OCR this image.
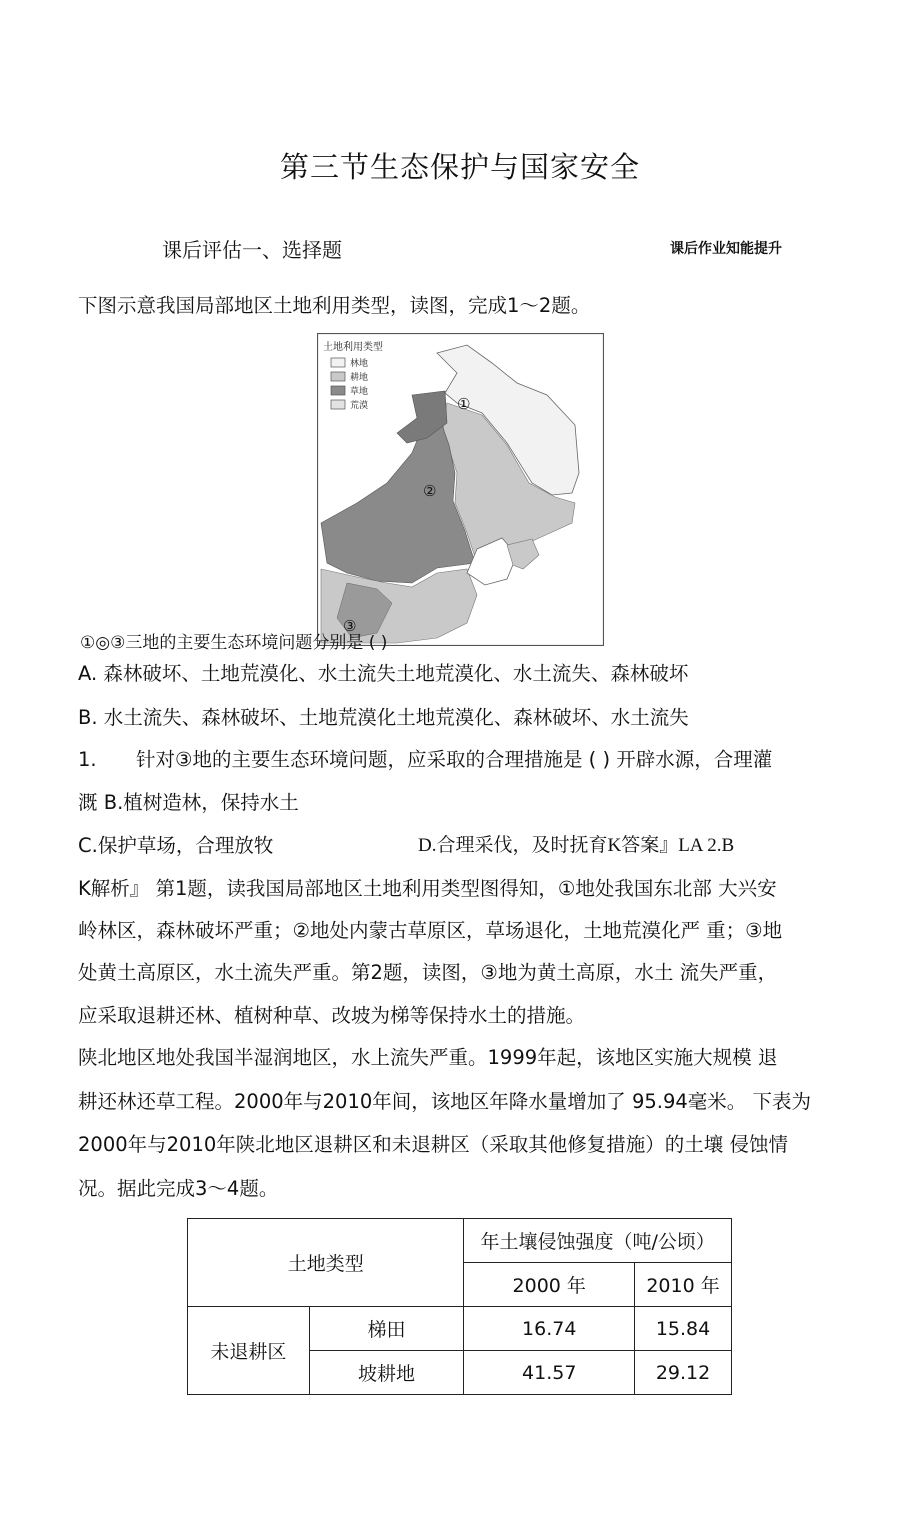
第三节生态保护与国家安全
课后评估一、选择题	课后作业知能提升
下图示意我国局部地区土地利用类型，读图，完成1〜2题。
土地利用类型
林地
耕地
草地
荒漠	①
②
③
①◎③三地的主要生态环境问题分别是 ( )
A. 森林破坏、土地荒漠化、水土流失土地荒漠化、水土流失、森林破坏
B. 水土流失、森林破坏、土地荒漠化土地荒漠化、森林破坏、水土流失
1. 针对③地的主要生态环境问题，应采取的合理措施是 ( ) 开辟水源，合理灌
溉 B.植树造林，保持水土
C.保护草场，合理放牧	D.合理采伐，及时抚育K答案』LA 2.B
K解析』 第1题，读我国局部地区土地利用类型图得知，①地处我国东北部 大兴安
岭林区，森林破坏严重；②地处内蒙古草原区，草场退化，土地荒漠化严 重；③地
处黄土高原区，水土流失严重。第2题，读图，③地为黄土高原，水土 流失严重，
应采取退耕还林、植树种草、改坡为梯等保持水土的措施。
陕北地区地处我国半湿润地区，水上流失严重。1999年起，该地区实施大规模 退
耕还林还草工程。2000年与2010年间，该地区年降水量增加了 95.94毫米。 下表为
2000年与2010年陕北地区退耕区和未退耕区（采取其他修复措施）的土壤 侵蚀情
况。据此完成3〜4题。
土地类型		年土壤侵蚀强度（吨/公顷）	
		2000 年	2010 年
未退耕区	梯田	16.74	15.84
	坡耕地	41.57	29.12
